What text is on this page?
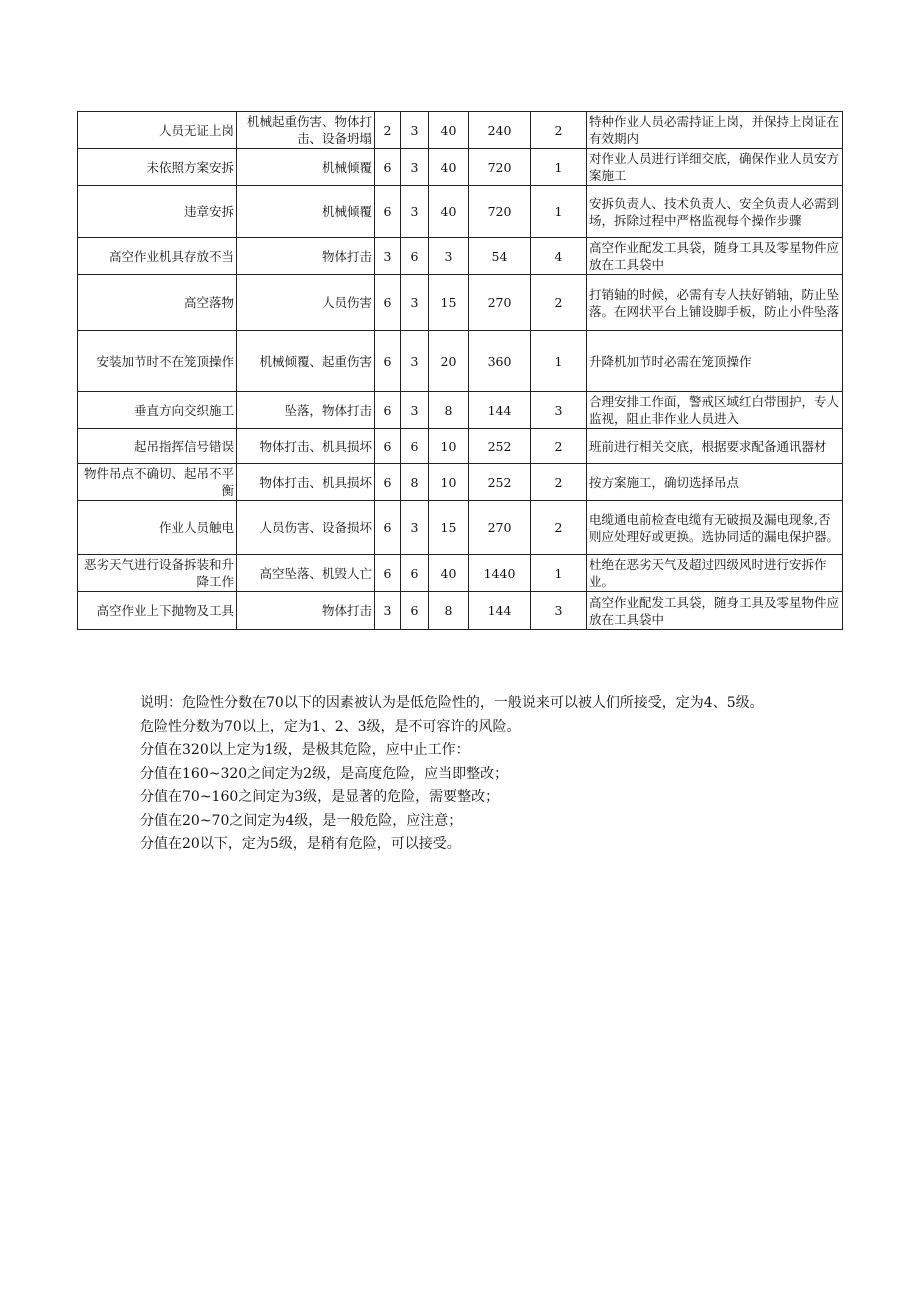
人员无证上岗	机械起重伤害、物体打击、设备坍塌	2	3	40	240	2	特种作业人员必需持证上岗，并保持上岗证在有效期内
未依照方案安拆	机械倾覆	6	3	40	720	1	对作业人员进行详细交底，确保作业人员安方案施工
违章安拆	机械倾覆	6	3	40	720	1	安拆负责人、技术负责人、安全负责人必需到场，拆除过程中严格监视每个操作步骤
高空作业机具存放不当	物体打击	3	6	3	54	4	高空作业配发工具袋，随身工具及零星物件应放在工具袋中
高空落物	人员伤害	6	3	15	270	2	打销轴的时候，必需有专人扶好销轴，防止坠落。在网状平台上铺设脚手板，防止小件坠落
安装加节时不在笼顶操作	机械倾覆、起重伤害	6	3	20	360	1	升降机加节时必需在笼顶操作
垂直方向交织施工	坠落，物体打击	6	3	8	144	3	合理安排工作面，警戒区域红白带围护，专人监视，阻止非作业人员进入
起吊指挥信号错误	物体打击、机具损坏	6	6	10	252	2	班前进行相关交底，根据要求配备通讯器材
物件吊点不确切、起吊不平衡	物体打击、机具损坏	6	8	10	252	2	按方案施工，确切选择吊点
作业人员触电	人员伤害、设备损坏	6	3	15	270	2	电缆通电前检查电缆有无破损及漏电现象,否则应处理好或更换。选协同适的漏电保护器。
恶劣天气进行设备拆装和升降工作	高空坠落、机毁人亡	6	6	40	1440	1	杜绝在恶劣天气及超过四级风时进行安拆作业。
高空作业上下抛物及工具	物体打击	3	6	8	144	3	高空作业配发工具袋，随身工具及零星物件应放在工具袋中

说明：危险性分数在70以下的因素被认为是低危险性的，一般说来可以被人们所接受，定为4、5级。

危险性分数为70以上，定为1、2、3级，是不可容许的风险。

分值在320以上定为1级，是极其危险，应中止工作：

分值在160~320之间定为2级，是高度危险，应当即整改；

分值在70~160之间定为3级，是显著的危险，需要整改；

分值在20~70之间定为4级，是一般危险，应注意；

分值在20以下，定为5级，是稍有危险，可以接受。
